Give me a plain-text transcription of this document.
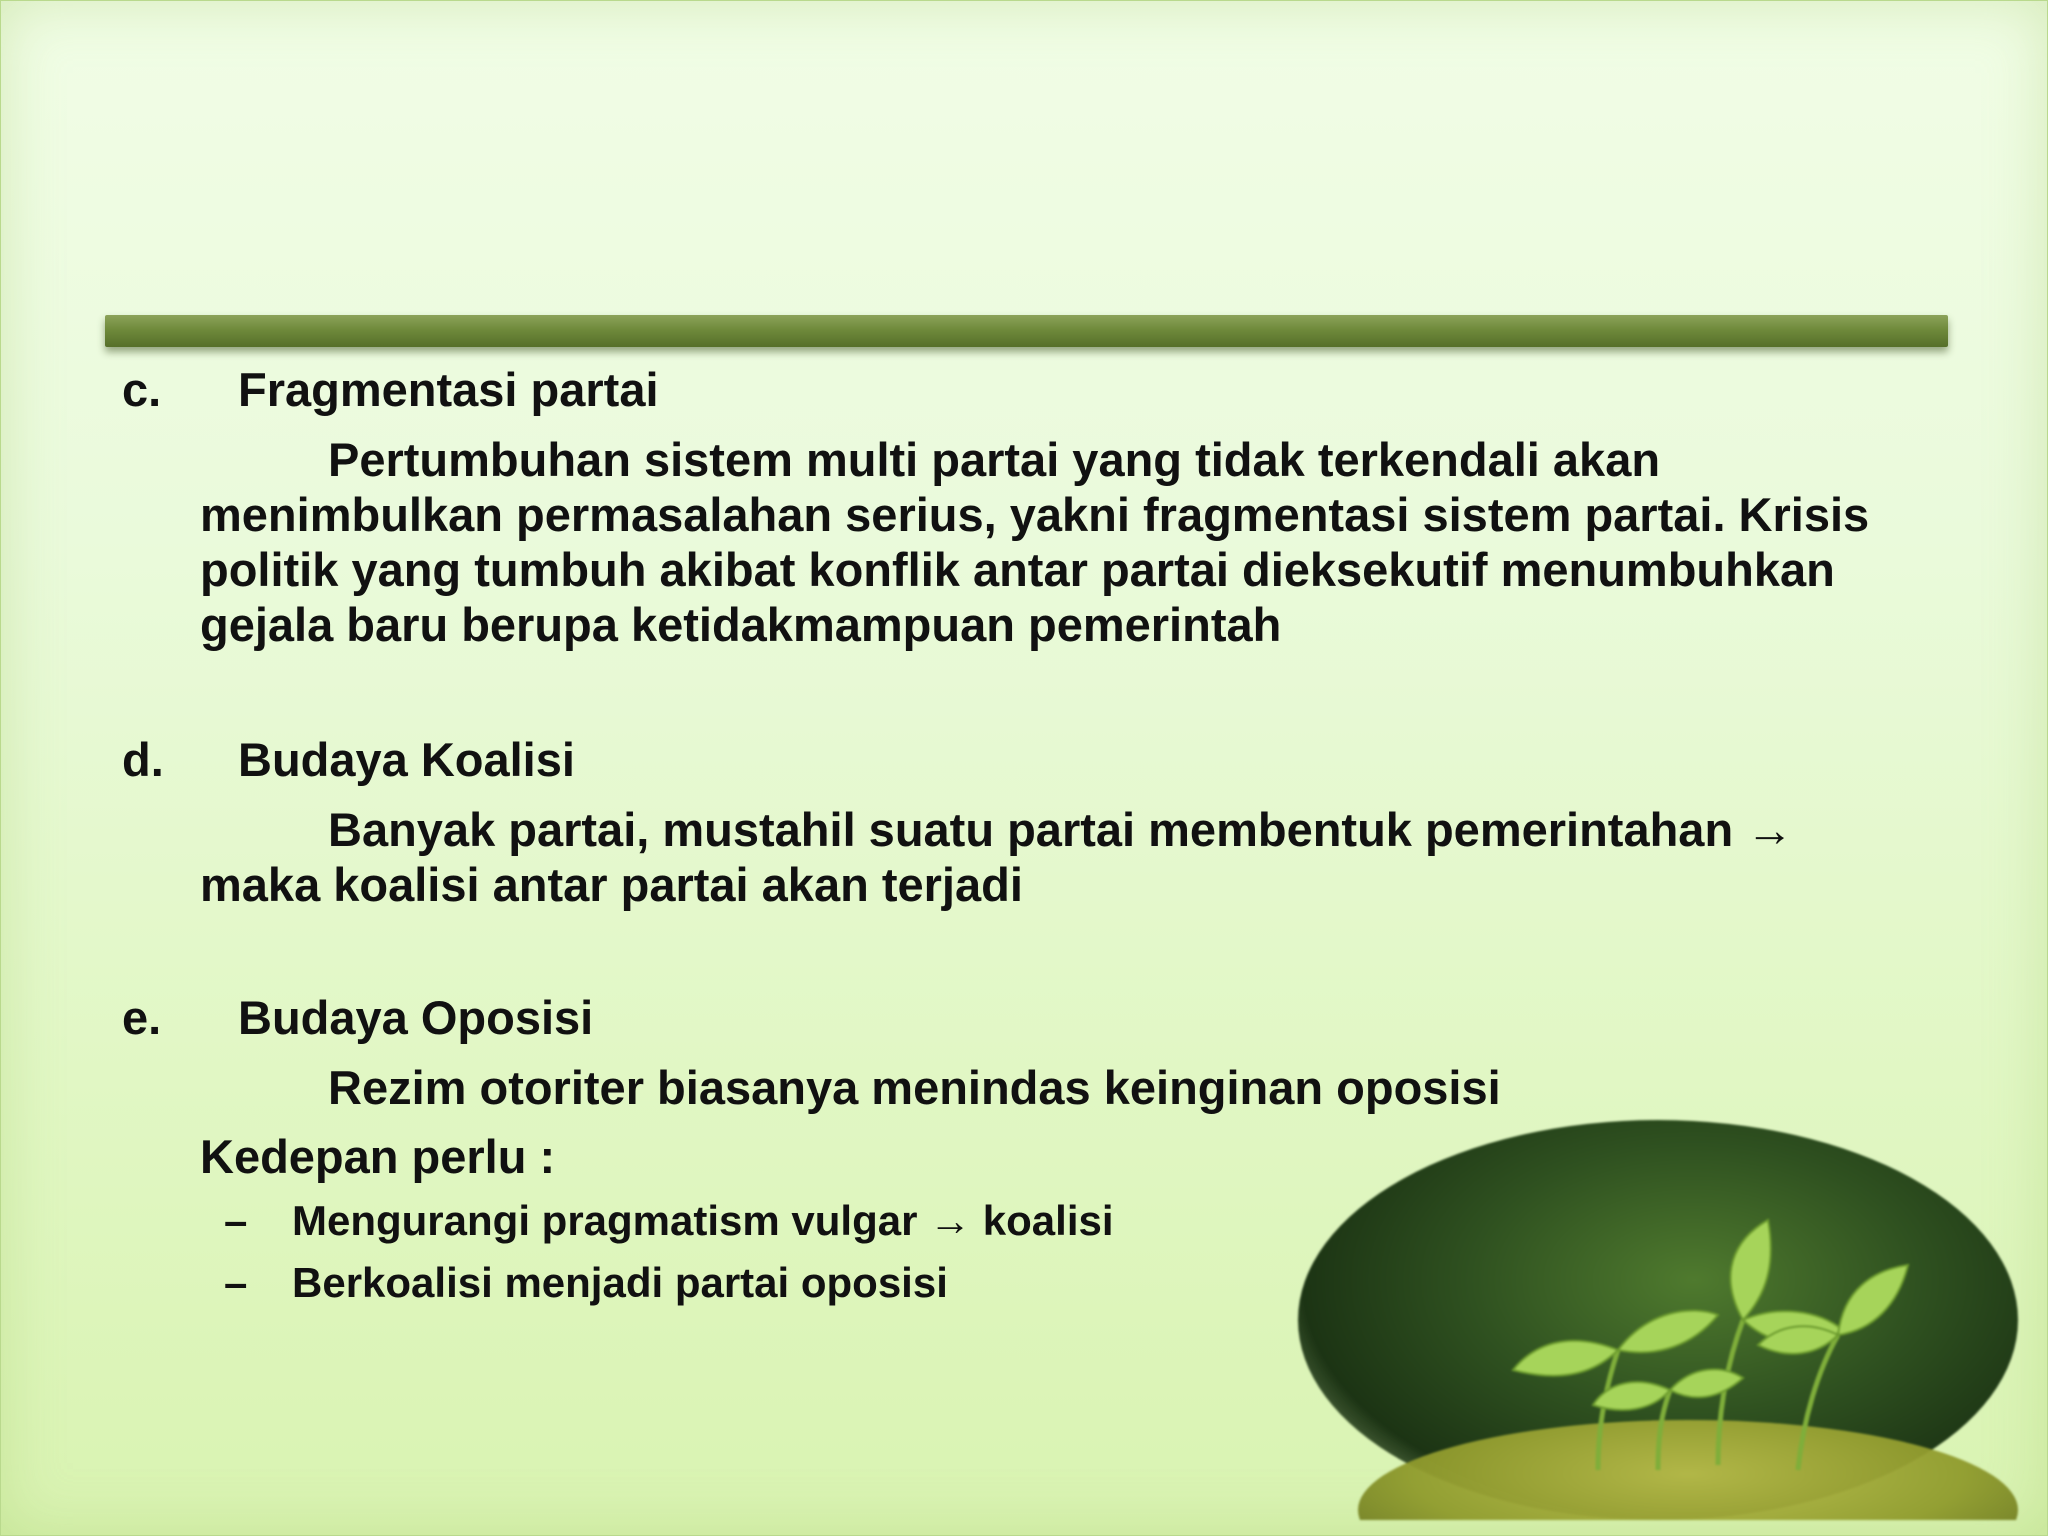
c. Fragmentasi partai
Pertumbuhan sistem multi partai yang tidak terkendali akan menimbulkan permasalahan serius, yakni fragmentasi sistem partai. Krisis politik yang tumbuh akibat konflik antar partai dieksekutif menumbuhkan gejala baru berupa ketidakmampuan pemerintah
d. Budaya Koalisi
Banyak partai, mustahil suatu partai membentuk pemerintahan → maka koalisi antar partai akan terjadi
e. Budaya Oposisi
Rezim otoriter biasanya menindas keinginan oposisi
Kedepan perlu :
– Mengurangi pragmatism vulgar → koalisi
– Berkoalisi menjadi partai oposisi
